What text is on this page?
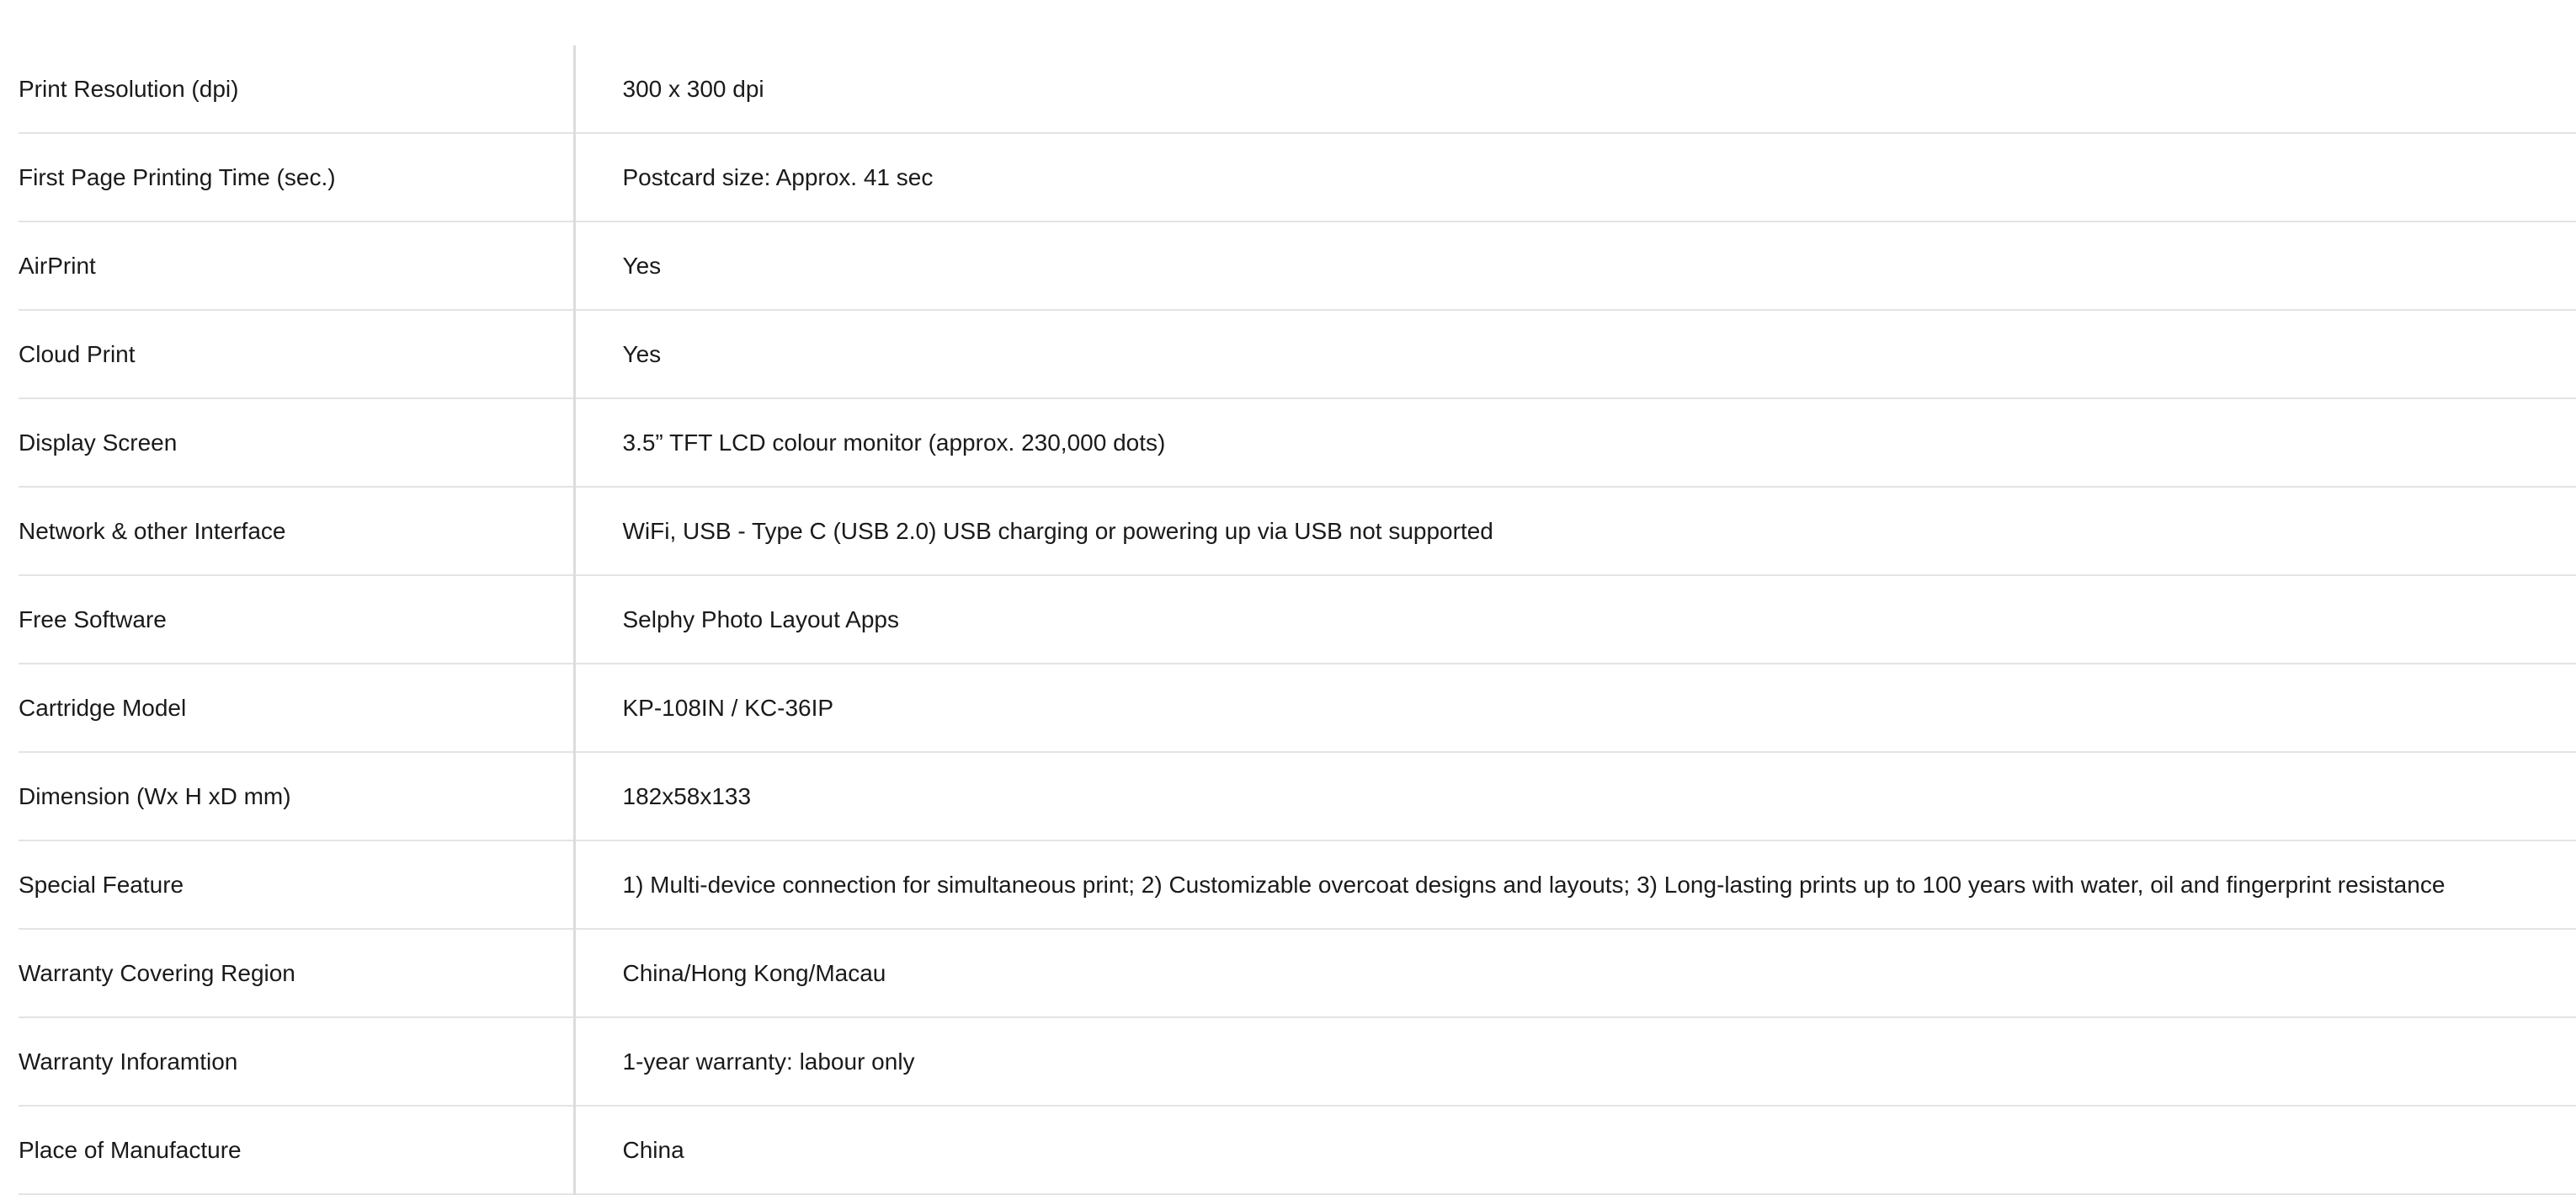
Print Resolution (dpi)	300 x 300 dpi
First Page Printing Time (sec.)	Postcard size: Approx. 41 sec
AirPrint	Yes
Cloud Print	Yes
Display Screen	3.5” TFT LCD colour monitor (approx. 230,000 dots)
Network & other Interface	WiFi, USB - Type C (USB 2.0) USB charging or powering up via USB not supported
Free Software	Selphy Photo Layout Apps
Cartridge Model	KP-108IN / KC-36IP
Dimension (Wx H xD mm)	182x58x133
Special Feature	1) Multi-device connection for simultaneous print; 2) Customizable overcoat designs and layouts; 3) Long-lasting prints up to 100 years with water, oil and fingerprint resistance
Warranty Covering Region	China/Hong Kong/Macau
Warranty Inforamtion	1-year warranty: labour only
Place of Manufacture	China
